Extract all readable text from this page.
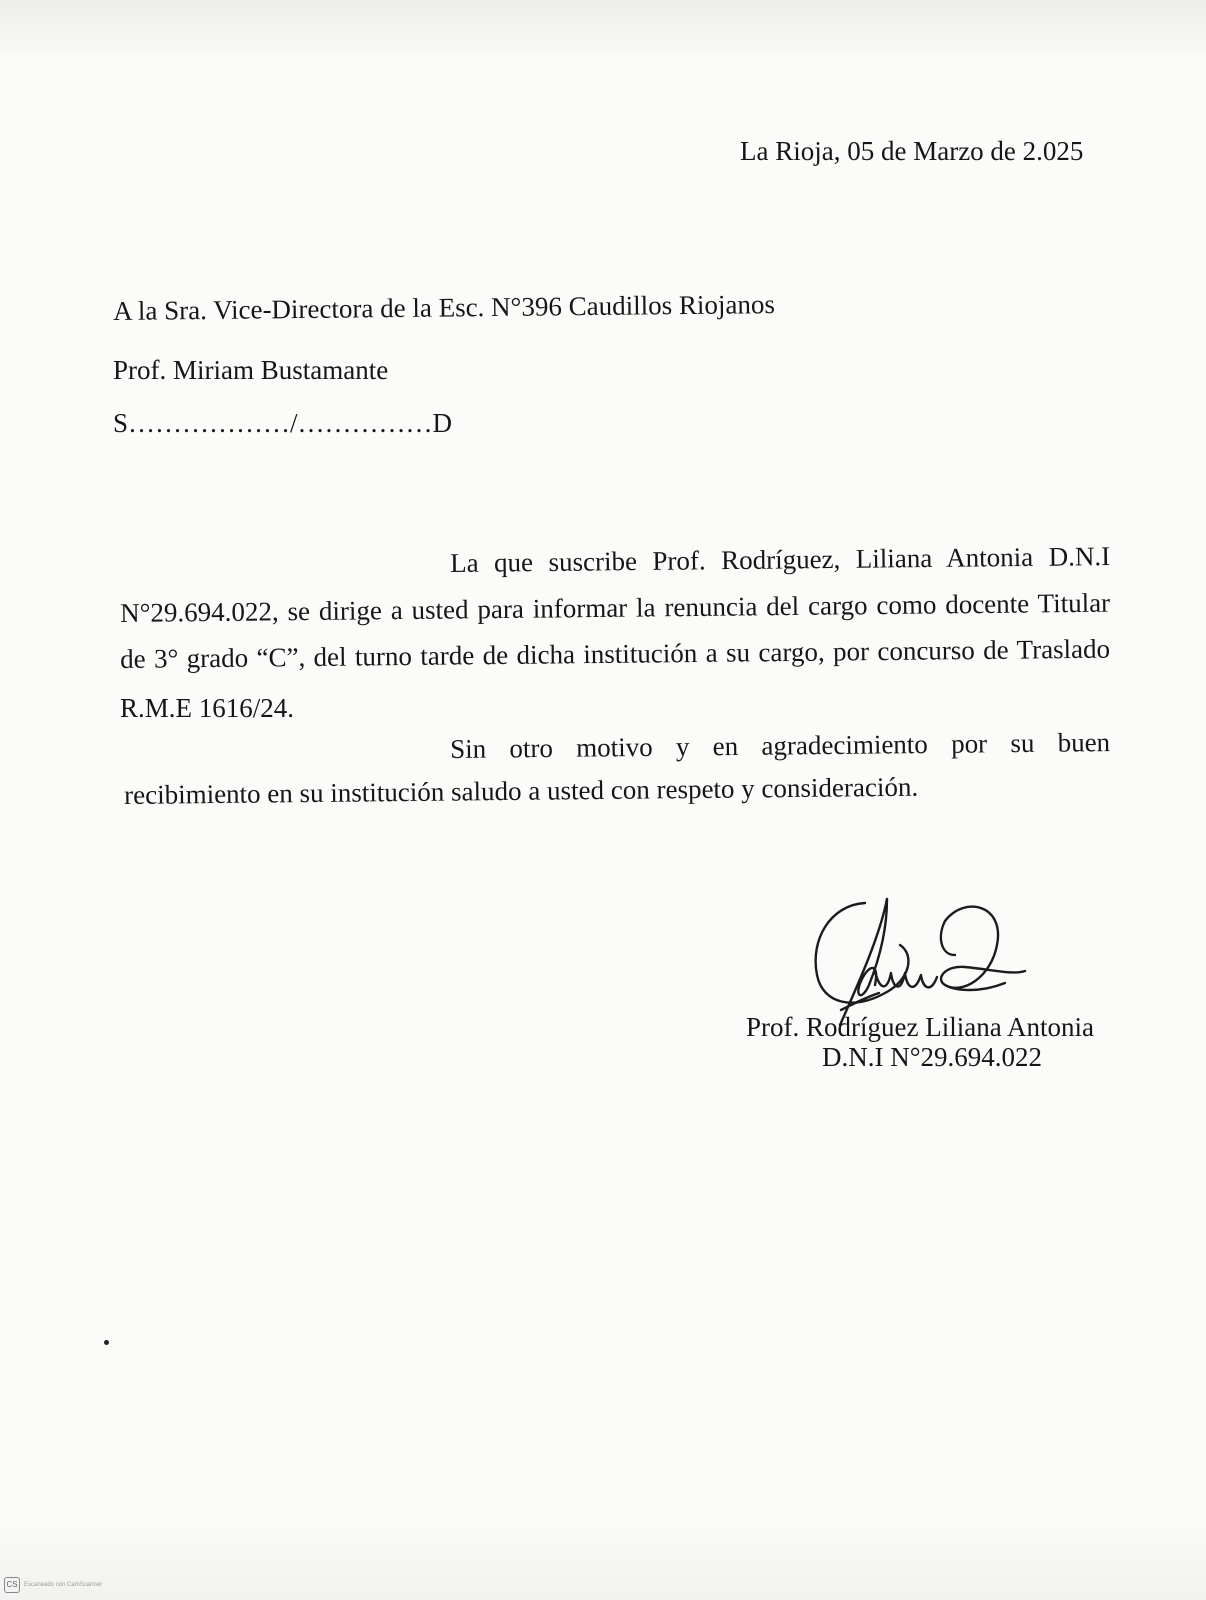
La Rioja, 05 de Marzo de 2.025
A la Sra. Vice-Directora de la Esc. N°396 Caudillos Riojanos
Prof. Miriam Bustamante
S………………/……………D
La que suscribe Prof. Rodríguez, Liliana Antonia D.N.I
N°29.694.022, se dirige a usted para informar la renuncia del cargo como docente Titular
de 3° grado “C”, del turno tarde de dicha institución a su cargo, por concurso de Traslado
R.M.E 1616/24.
Sin otro motivo y en agradecimiento por su buen
recibimiento en su institución saludo a usted con respeto y consideración.
Prof. Rodríguez Liliana Antonia
D.N.I N°29.694.022
CS	Escaneado con CamScanner
